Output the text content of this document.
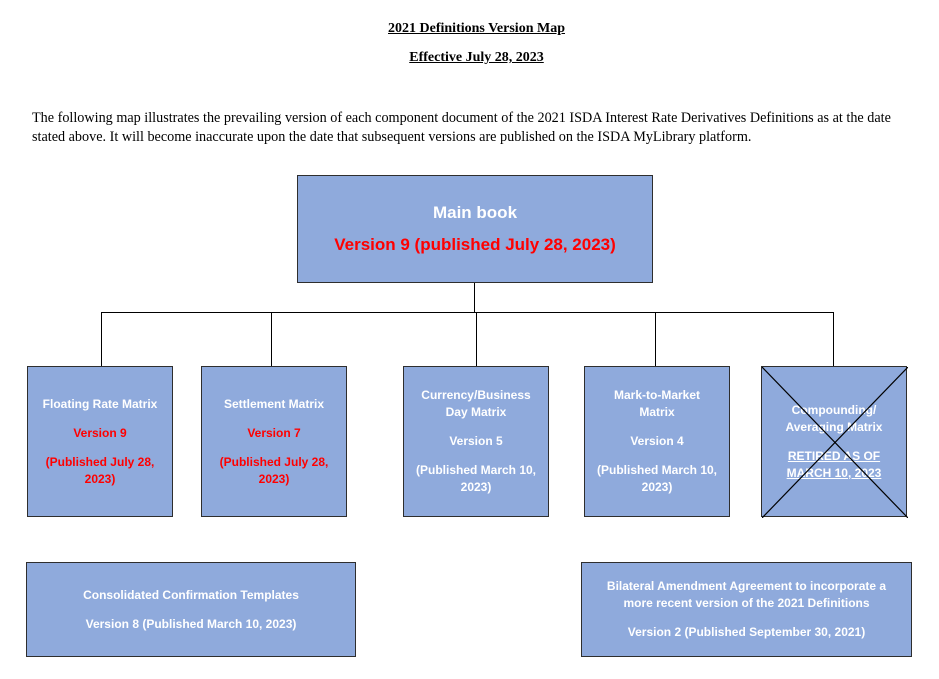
2021 Definitions Version Map
Effective July 28, 2023
The following map illustrates the prevailing version of each component document of the 2021 ISDA Interest Rate Derivatives Definitions as at the date stated above. It will become inaccurate upon the date that subsequent versions are published on the ISDA MyLibrary platform.
Main book
Version 9 (published July 28, 2023)

Floating Rate Matrix

Version 9

(Published July 28, 2023)

Settlement Matrix

Version 7

(Published July 28, 2023)

Currency/Business Day Matrix

Version 5

(Published March 10, 2023)

Mark-to-Market Matrix

Version 4

(Published March 10, 2023)

Compounding/ Averaging Matrix

RETIRED AS OF MARCH 10, 2023

Consolidated Confirmation Templates

Version 8 (Published March 10, 2023)

Bilateral Amendment Agreement to incorporate a more recent version of the 2021 Definitions

Version 2 (Published September 30, 2021)
